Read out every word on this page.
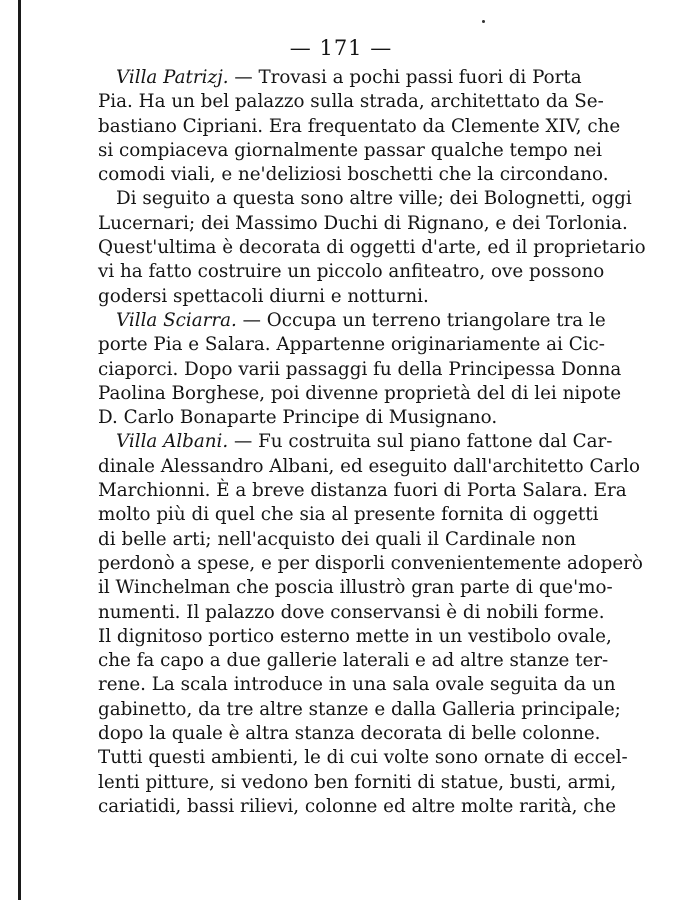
— 171 —
Villa Patrizj. — Trovasi a pochi passi fuori di Porta
Pia. Ha un bel palazzo sulla strada, architettato da Se-
bastiano Cipriani. Era frequentato da Clemente XIV, che
si compiaceva giornalmente passar qualche tempo nei
comodi viali, e ne'deliziosi boschetti che la circondano.
Di seguito a questa sono altre ville; dei Bolognetti, oggi
Lucernari; dei Massimo Duchi di Rignano, e dei Torlonia.
Quest'ultima è decorata di oggetti d'arte, ed il proprietario
vi ha fatto costruire un piccolo anfiteatro, ove possono
godersi spettacoli diurni e notturni.
Villa Sciarra. — Occupa un terreno triangolare tra le
porte Pia e Salara. Appartenne originariamente ai Cic-
ciaporci. Dopo varii passaggi fu della Principessa Donna
Paolina Borghese, poi divenne proprietà del di lei nipote
D. Carlo Bonaparte Principe di Musignano.
Villa Albani. — Fu costruita sul piano fattone dal Car-
dinale Alessandro Albani, ed eseguito dall'architetto Carlo
Marchionni. È a breve distanza fuori di Porta Salara. Era
molto più di quel che sia al presente fornita di oggetti
di belle arti; nell'acquisto dei quali il Cardinale non
perdonò a spese, e per disporli convenientemente adoperò
il Winchelman che poscia illustrò gran parte di que'mo-
numenti. Il palazzo dove conservansi è di nobili forme.
Il dignitoso portico esterno mette in un vestibolo ovale,
che fa capo a due gallerie laterali e ad altre stanze ter-
rene. La scala introduce in una sala ovale seguita da un
gabinetto, da tre altre stanze e dalla Galleria principale;
dopo la quale è altra stanza decorata di belle colonne.
Tutti questi ambienti, le di cui volte sono ornate di eccel-
lenti pitture, si vedono ben forniti di statue, busti, armi,
cariatidi, bassi rilievi, colonne ed altre molte rarità, che
